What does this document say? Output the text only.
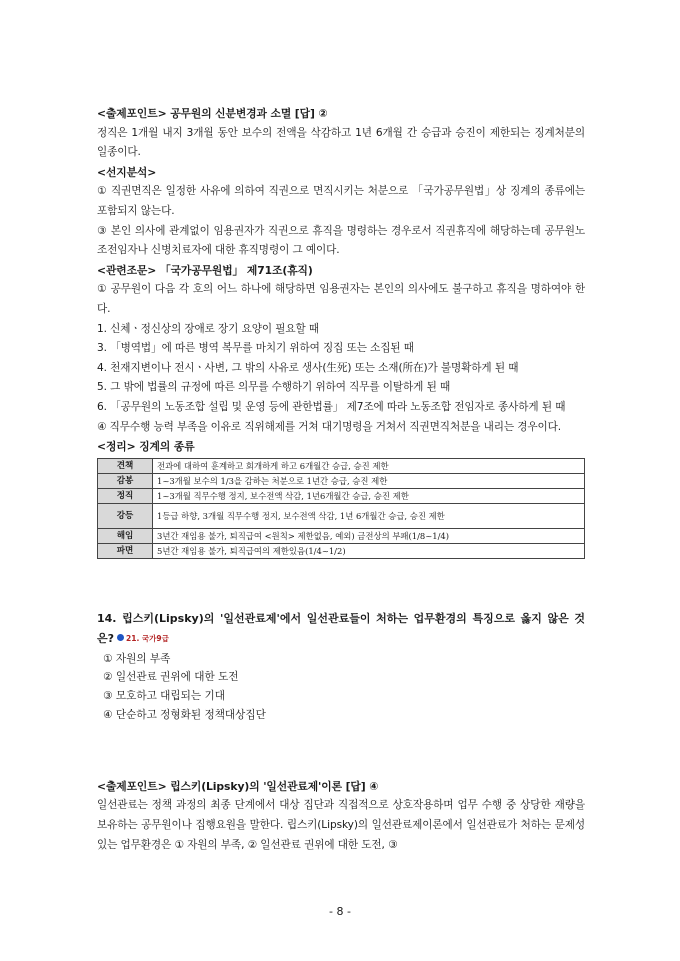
<출제포인트> 공무원의 신분변경과 소멸 [답] ②

정직은 1개월 내지 3개월 동안 보수의 전액을 삭감하고 1년 6개월 간 승급과 승진이 제한되는 징계처분의 일종이다.

<선지분석>

① 직권면직은 일정한 사유에 의하여 직권으로 면직시키는 처분으로 「국가공무원법」상 징계의 종류에는 포함되지 않는다.

③ 본인 의사에 관계없이 임용권자가 직권으로 휴직을 명령하는 경우로서 직권휴직에 해당하는데 공무원노조전임자나 신병치료자에 대한 휴직명령이 그 예이다.

<관련조문> 「국가공무원법」 제71조(휴직)

① 공무원이 다음 각 호의 어느 하나에 해당하면 임용권자는 본인의 의사에도 불구하고 휴직을 명하여야 한다.

1. 신체ㆍ정신상의 장애로 장기 요양이 필요할 때

3. 「병역법」에 따른 병역 복무를 마치기 위하여 징집 또는 소집된 때

4. 천재지변이나 전시ㆍ사변, 그 밖의 사유로 생사(生死) 또는 소재(所在)가 불명확하게 된 때

5. 그 밖에 법률의 규정에 따른 의무를 수행하기 위하여 직무를 이탈하게 된 때

6. 「공무원의 노동조합 설립 및 운영 등에 관한법률」 제7조에 따라 노동조합 전임자로 종사하게 된 때

④ 직무수행 능력 부족을 이유로 직위해제를 거쳐 대기명령을 거쳐서 직권면직처분을 내리는 경우이다.

<정리> 징계의 종류

견책	전과에 대하여 훈계하고 회개하게 하고 6개월간 승급, 승진 제한
감봉	1~3개월 보수의 1/3을 감하는 처분으로 1년간 승급, 승진 제한
정직	1~3개월 직무수행 정지, 보수전액 삭감, 1년6개월간 승급, 승진 제한
강등	1등급 하향, 3개월 직무수행 정지, 보수전액 삭감, 1년 6개월간 승급, 승진 제한
해임	3년간 재임용 불가, 퇴직급여 <원칙> 제한없음, 예외) 금전상의 부패(1/8~1/4)
파면	5년간 재임용 불가, 퇴직급여의 제한있음(1/4~1/2)

14. 립스키(Lipsky)의 '일선관료제'에서 일선관료들이 처하는 업무환경의 특징으로 옳지 않은 것은? 21. 국가9급

① 자원의 부족

② 일선관료 권위에 대한 도전

③ 모호하고 대립되는 기대

④ 단순하고 정형화된 정책대상집단

<출제포인트> 립스키(Lipsky)의 '일선관료제'이론 [답] ④

일선관료는 정책 과정의 최종 단계에서 대상 집단과 직접적으로 상호작용하며 업무 수행 중 상당한 재량을 보유하는 공무원이나 집행요원을 말한다. 립스키(Lipsky)의 일선관료제이론에서 일선관료가 처하는 문제성 있는 업무환경은 ① 자원의 부족, ② 일선관료 권위에 대한 도전, ③

- 8 -
